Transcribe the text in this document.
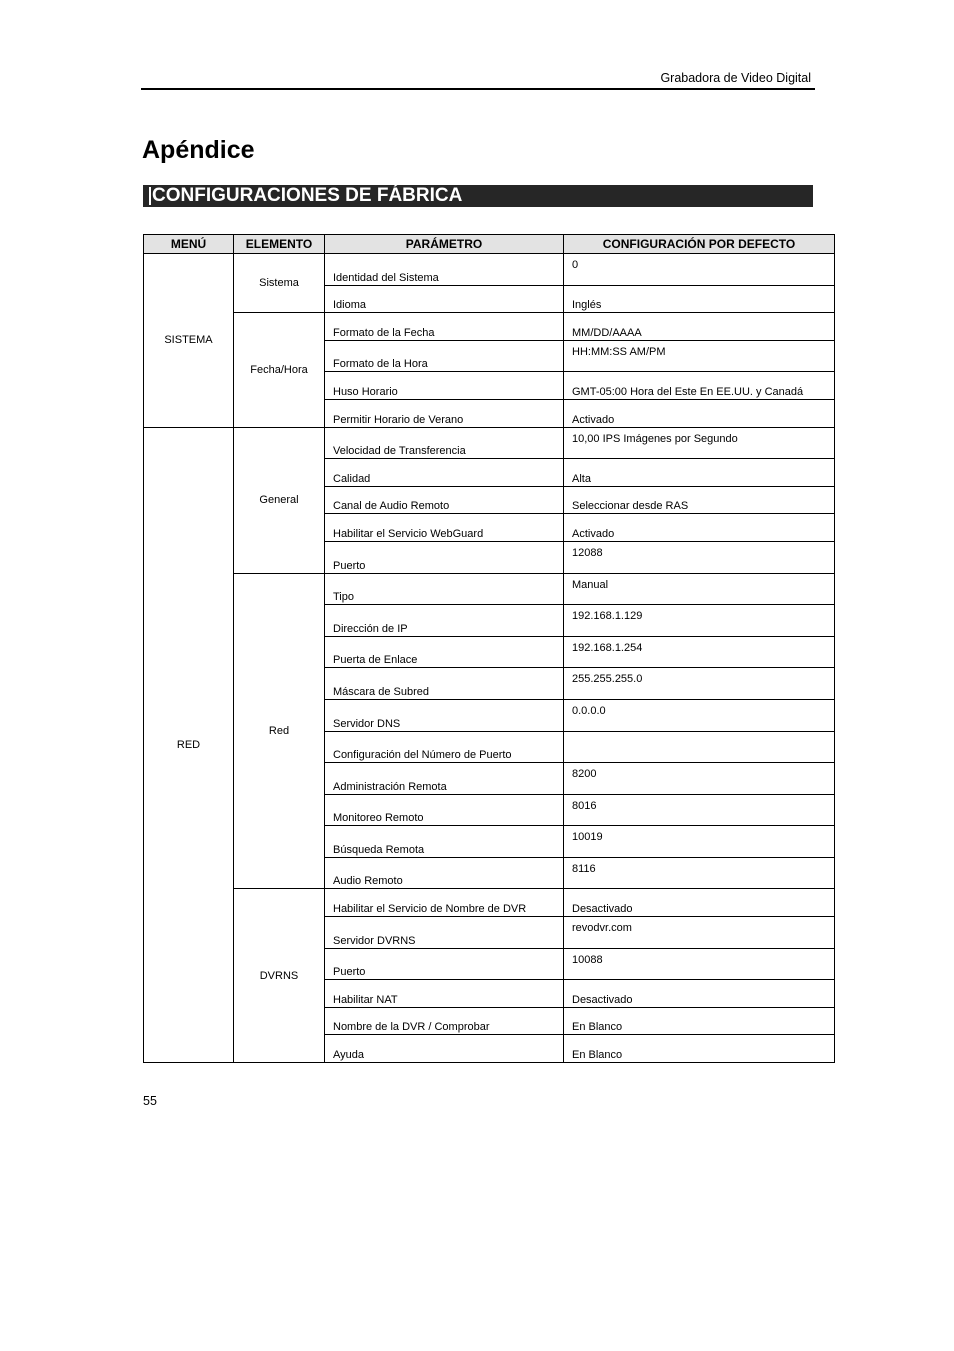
Grabadora de Video Digital
Apéndice
CONFIGURACIONES DE FÁBRICA
MENÚ	ELEMENTO	PARÁMETRO	CONFIGURACIÓN POR DEFECTO
SISTEMA	Sistema	Identidad del Sistema	0
		Idioma	Inglés
	Fecha/Hora	Formato de la Fecha	MM/DD/AAAA
		Formato de la Hora	HH:MM:SS AM/PM
		Huso Horario	GMT-05:00 Hora del Este En EE.UU. y Canadá
		Permitir Horario de Verano	Activado
RED	General	Velocidad de Transferencia	10,00 IPS Imágenes por Segundo
		Calidad	Alta
		Canal de Audio Remoto	Seleccionar desde RAS
		Habilitar el Servicio WebGuard	Activado
		Puerto	12088
	Red	Tipo	Manual
		Dirección de IP	192.168.1.129
		Puerta de Enlace	192.168.1.254
		Máscara de Subred	255.255.255.0
		Servidor DNS	0.0.0.0
		Configuración del Número de Puerto	
		Administración Remota	8200
		Monitoreo Remoto	8016
		Búsqueda Remota	10019
		Audio Remoto	8116
	DVRNS	Habilitar el Servicio de Nombre de DVR	Desactivado
		Servidor DVRNS	revodvr.com
		Puerto	10088
		Habilitar NAT	Desactivado
		Nombre de la DVR / Comprobar	En Blanco
		Ayuda	En Blanco
55
